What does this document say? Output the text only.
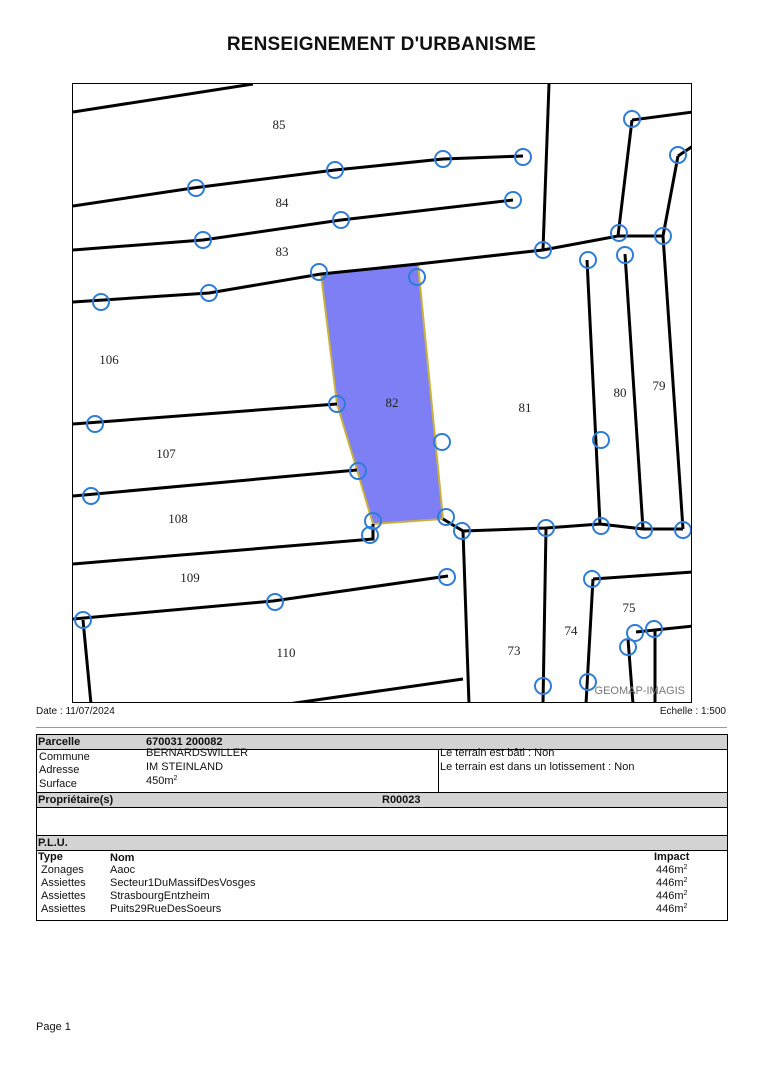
RENSEIGNEMENT D'URBANISME
85
84
83
106
82	81
80 79
107
108
109
110	73
74
75
GEOMAP-IMAGIS
Date : 11/07/2024	Echelle : 1:500
Parcelle	670031 200082
Commune	BERNARDSWILLER
Adresse	IM STEINLAND
Surface	$450m^2$
Le terrain est bâti : Non
Le terrain est dans un lotissement : Non
Propriétaire(s)	R00023
P.L.U.
Type	Nom	Impact
Zonages Aaoc	$446m^2$
Assiettes Secteur1DuMassifDesVosges	$446m^2$
Assiettes StrasbourgEntzheim	$446m^2$
Assiettes Puits29RueDesSoeurs	$446m^2$
Page 1
